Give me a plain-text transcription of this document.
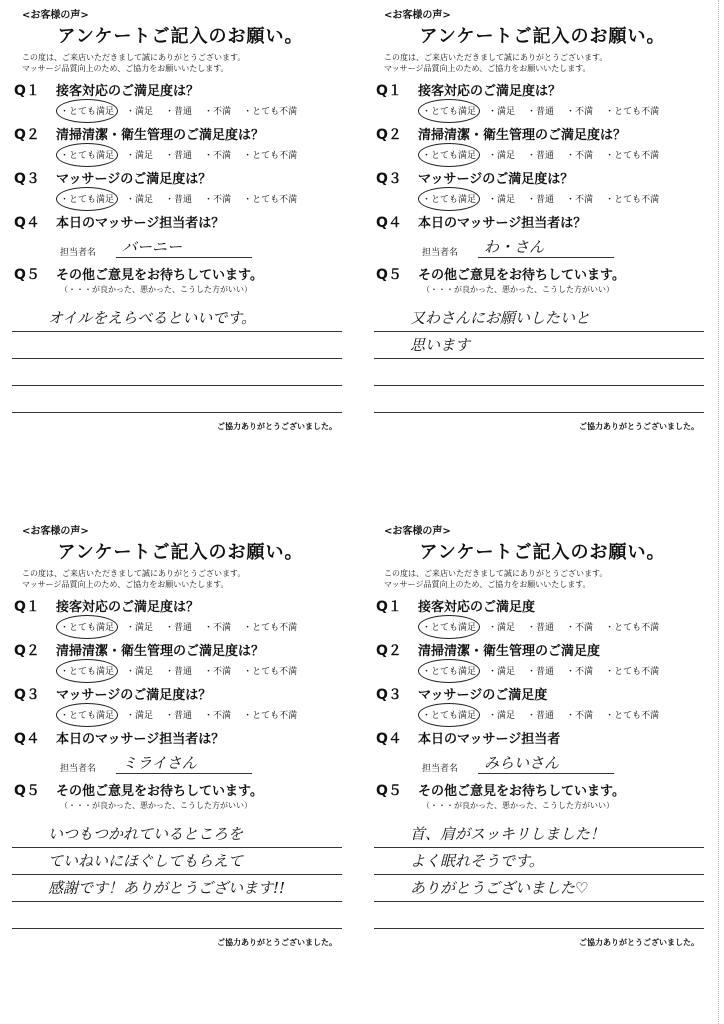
<お客様の声>
アンケートご記入のお願い。
この度は、ご来店いただきまして誠にありがとうございます。
マッサージ品質向上のため、ご協力をお願いいたします。
Q１	接客対応のご満足度は？
・とても満足 ・満足 ・普通 ・不満 ・とても不満
Q２	清掃清潔・衛生管理のご満足度は？
・とても満足 ・満足 ・普通 ・不満 ・とても不満
Q３	マッサージのご満足度は？
・とても満足 ・満足 ・普通 ・不満 ・とても不満
Q４	本日のマッサージ担当者は？
担当者名	バーニー
Q５	その他ご意見をお待ちしています。
（・・・が良かった、悪かった、こうした方がいい）
オイルをえらべるといいです。
ご協力ありがとうございました。
<お客様の声>
アンケートご記入のお願い。
この度は、ご来店いただきまして誠にありがとうございます。
マッサージ品質向上のため、ご協力をお願いいたします。
Q１	接客対応のご満足度は？
・とても満足 ・満足 ・普通 ・不満 ・とても不満
Q２	清掃清潔・衛生管理のご満足度は？
・とても満足 ・満足 ・普通 ・不満 ・とても不満
Q３	マッサージのご満足度は？
・とても満足 ・満足 ・普通 ・不満 ・とても不満
Q４	本日のマッサージ担当者は？
担当者名	わ・さん
Q５	その他ご意見をお待ちしています。
（・・・が良かった、悪かった、こうした方がいい）
又わさんにお願いしたいと
思います
ご協力ありがとうございました。
<お客様の声>
アンケートご記入のお願い。
この度は、ご来店いただきまして誠にありがとうございます。
マッサージ品質向上のため、ご協力をお願いいたします。
Q１	接客対応のご満足度は？
・とても満足 ・満足 ・普通 ・不満 ・とても不満
Q２	清掃清潔・衛生管理のご満足度は？
・とても満足 ・満足 ・普通 ・不満 ・とても不満
Q３	マッサージのご満足度は？
・とても満足 ・満足 ・普通 ・不満 ・とても不満
Q４	本日のマッサージ担当者は？
担当者名	ミライさん
Q５	その他ご意見をお待ちしています。
（・・・が良かった、悪かった、こうした方がいい）
いつもつかれているところを
ていねいにほぐしてもらえて
感謝です！ありがとうございます!!
ご協力ありがとうございました。
<お客様の声>
アンケートご記入のお願い。
この度は、ご来店いただきまして誠にありがとうございます。
マッサージ品質向上のため、ご協力をお願いいたします。
Q１	接客対応のご満足度
・とても満足 ・満足 ・普通 ・不満 ・とても不満
Q２	清掃清潔・衛生管理のご満足度
・とても満足 ・満足 ・普通 ・不満 ・とても不満
Q３	マッサージのご満足度
・とても満足 ・満足 ・普通 ・不満 ・とても不満
Q４	本日のマッサージ担当者
担当者名	みらいさん
Q５	その他ご意見をお待ちしています。
（・・・が良かった、悪かった、こうした方がいい）
首、肩がスッキリしました！
よく眠れそうです。
ありがとうございました♡
ご協力ありがとうございました。
